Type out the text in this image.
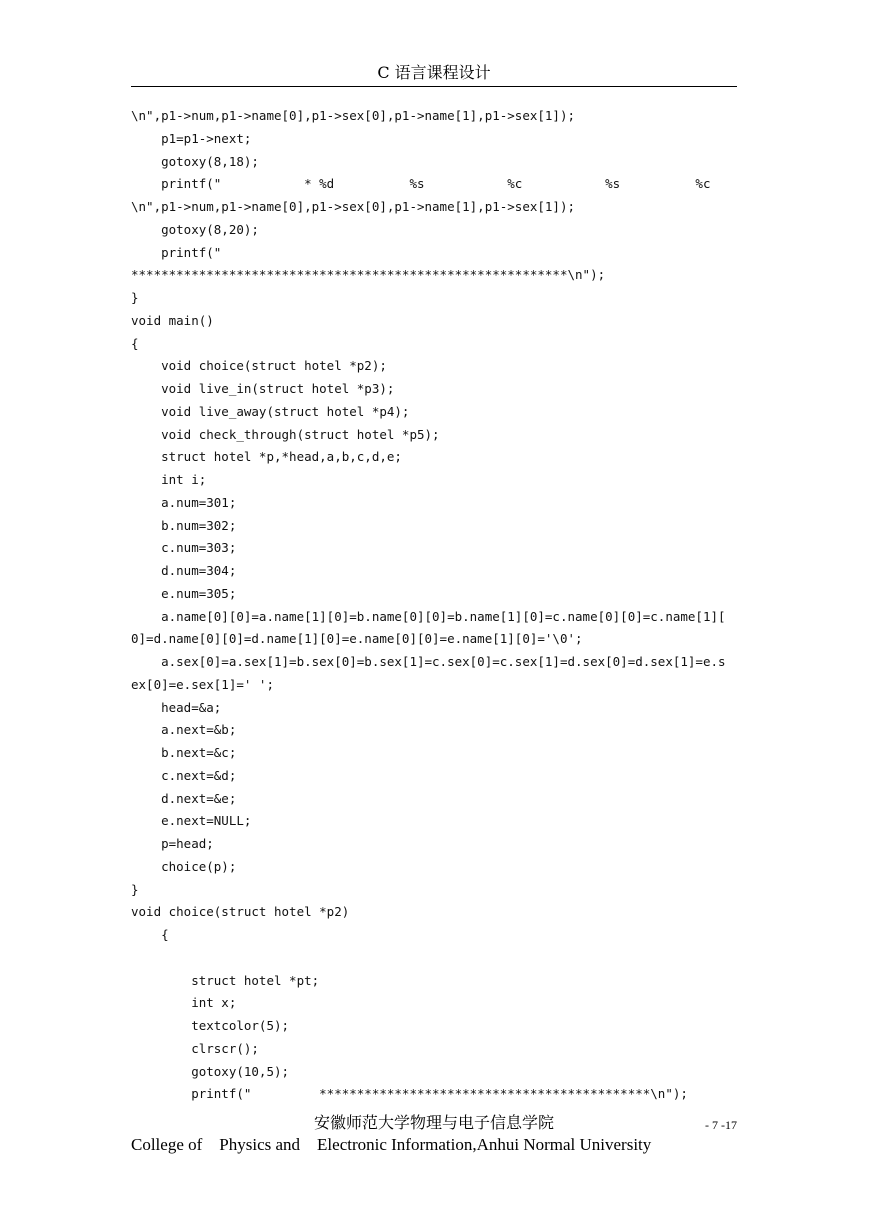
C 语言课程设计
\n",p1->num,p1->name[0],p1->sex[0],p1->name[1],p1->sex[1]);
p1=p1->next;
gotoxy(8,18);
printf("           * %d          %s           %c           %s          %c
\n",p1->num,p1->name[0],p1->sex[0],p1->name[1],p1->sex[1]);
gotoxy(8,20);
printf("
**********************************************************\n");
}
void main()
{
void choice(struct hotel *p2);
void live_in(struct hotel *p3);
void live_away(struct hotel *p4);
void check_through(struct hotel *p5);
struct hotel *p,*head,a,b,c,d,e;
int i;
a.num=301;
b.num=302;
c.num=303;
d.num=304;
e.num=305;
a.name[0][0]=a.name[1][0]=b.name[0][0]=b.name[1][0]=c.name[0][0]=c.name[1][
0]=d.name[0][0]=d.name[1][0]=e.name[0][0]=e.name[1][0]='\0';
a.sex[0]=a.sex[1]=b.sex[0]=b.sex[1]=c.sex[0]=c.sex[1]=d.sex[0]=d.sex[1]=e.s
ex[0]=e.sex[1]=' ';
head=&a;
a.next=&b;
b.next=&c;
c.next=&d;
d.next=&e;
e.next=NULL;
p=head;
choice(p);
}
void choice(struct hotel *p2)
{
struct hotel *pt;
int x;
textcolor(5);
clrscr();
gotoxy(10,5);
printf("         ********************************************\n");
安徽师范大学物理与电子信息学院	- 7 -17
College of    Physics and    Electronic Information,Anhui Normal University
